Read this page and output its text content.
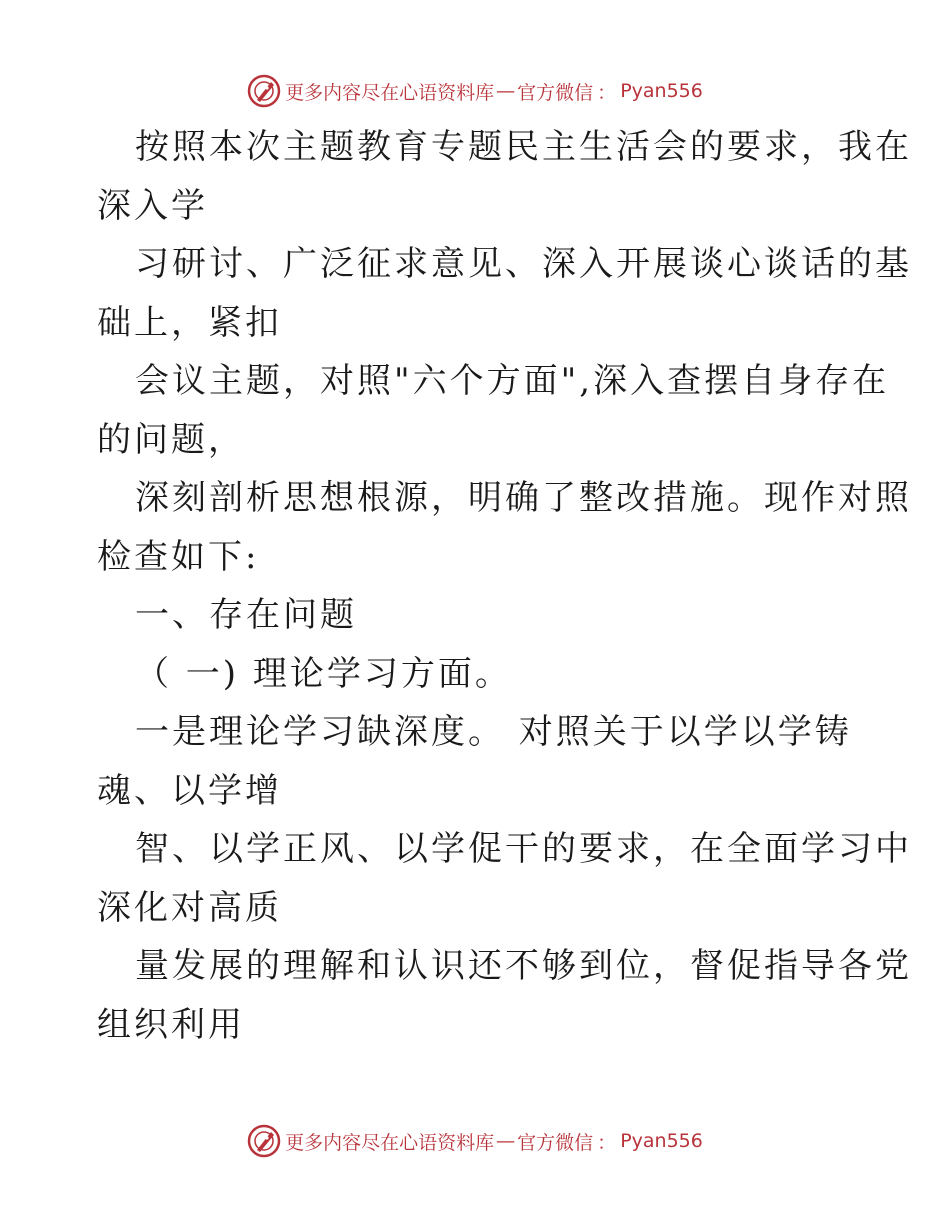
更多内容尽在心语资料库 — 官方微信 ： Pyan556
按照本次主题教育专题民主生活会的要求，我在
深入学
习研讨、广泛征求意见、深入开展谈心谈话的基
础上，紧扣
会议主题，对照"六个方面",深入查摆自身存在
的问题，
深刻剖析思想根源，明确了整改措施。现作对照
检查如下:
一、存在问题
（ 一) 理论学习方面。
一是理论学习缺深度。 对照关于以学以学铸
魂、以学增
智、以学正风、以学促干的要求，在全面学习中
深化对高质
量发展的理解和认识还不够到位，督促指导各党
组织利用
更多内容尽在心语资料库 — 官方微信 ： Pyan556
